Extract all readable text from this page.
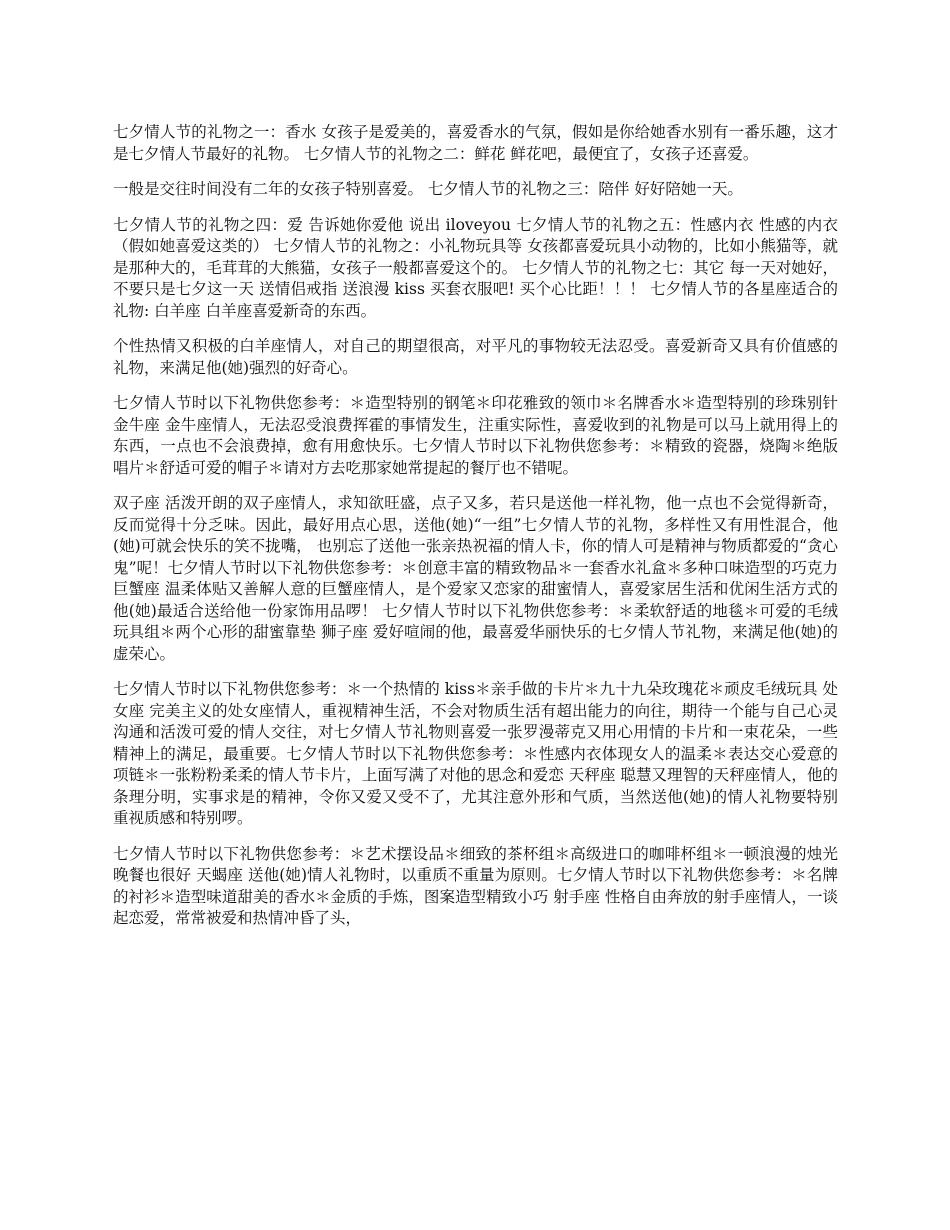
七夕情人节的礼物之一：香水 女孩子是爱美的，喜爱香水的气氛，假如是你给她香水别有一番乐趣，这才是七夕情人节最好的礼物。 七夕情人节的礼物之二：鲜花 鲜花吧，最便宜了，女孩子还喜爱。

一般是交往时间没有二年的女孩子特别喜爱。 七夕情人节的礼物之三：陪伴 好好陪她一天。

七夕情人节的礼物之四：爱 告诉她你爱他 说出 iloveyou 七夕情人节的礼物之五：性感内衣 性感的内衣（假如她喜爱这类的） 七夕情人节的礼物之：小礼物玩具等 女孩都喜爱玩具小动物的，比如小熊猫等，就是那种大的，毛茸茸的大熊猫，女孩子一般都喜爱这个的。 七夕情人节的礼物之七：其它 每一天对她好，不要只是七夕这一天 送情侣戒指 送浪漫 kiss 买套衣服吧! 买个心比距！！！ 七夕情人节的各星座适合的礼物: 白羊座 白羊座喜爱新奇的东西。

个性热情又积极的白羊座情人，对自己的期望很高，对平凡的事物较无法忍受。喜爱新奇又具有价值感的礼物，来满足他(她)强烈的好奇心。

七夕情人节时以下礼物供您参考：＊造型特别的钢笔＊印花雅致的领巾＊名牌香水＊造型特别的珍珠别针 金牛座 金牛座情人，无法忍受浪费挥霍的事情发生，注重实际性，喜爱收到的礼物是可以马上就用得上的东西，一点也不会浪费掉，愈有用愈快乐。七夕情人节时以下礼物供您参考：＊精致的瓷器，烧陶＊绝版唱片＊舒适可爱的帽子＊请对方去吃那家她常提起的餐厅也不错呢。

双子座 活泼开朗的双子座情人，求知欲旺盛，点子又多，若只是送他一样礼物，他一点也不会觉得新奇，反而觉得十分乏味。因此，最好用点心思，送他(她)“一组”七夕情人节的礼物，多样性又有用性混合，他(她)可就会快乐的笑不拢嘴， 也别忘了送他一张亲热祝福的情人卡，你的情人可是精神与物质都爱的“贪心鬼”呢！七夕情人节时以下礼物供您参考：＊创意丰富的精致物品＊一套香水礼盒＊多种口味造型的巧克力 巨蟹座 温柔体贴又善解人意的巨蟹座情人，是个爱家又恋家的甜蜜情人，喜爱家居生活和优闲生活方式的他(她)最适合送给他一份家饰用品啰！ 七夕情人节时以下礼物供您参考：＊柔软舒适的地毯＊可爱的毛绒玩具组＊两个心形的甜蜜靠垫 狮子座 爱好喧闹的他，最喜爱华丽快乐的七夕情人节礼物，来满足他(她)的虚荣心。

七夕情人节时以下礼物供您参考：＊一个热情的 kiss＊亲手做的卡片＊九十九朵玫瑰花＊顽皮毛绒玩具 处女座 完美主义的处女座情人，重视精神生活，不会对物质生活有超出能力的向往，期待一个能与自己心灵沟通和活泼可爱的情人交往，对七夕情人节礼物则喜爱一张罗漫蒂克又用心用情的卡片和一束花朵，一些精神上的满足，最重要。七夕情人节时以下礼物供您参考：＊性感内衣体现女人的温柔＊表达交心爱意的项链＊一张粉粉柔柔的情人节卡片，上面写满了对他的思念和爱恋 天秤座 聪慧又理智的天秤座情人，他的条理分明，实事求是的精神，令你又爱又受不了，尤其注意外形和气质，当然送他(她)的情人礼物要特别重视质感和特别啰。

七夕情人节时以下礼物供您参考：＊艺术摆设品＊细致的茶杯组＊高级进口的咖啡杯组＊一顿浪漫的烛光晚餐也很好 天蝎座 送他(她)情人礼物时，以重质不重量为原则。七夕情人节时以下礼物供您参考：＊名牌的衬衫＊造型味道甜美的香水＊金质的手炼，图案造型精致小巧 射手座 性格自由奔放的射手座情人，一谈起恋爱，常常被爱和热情冲昏了头，
